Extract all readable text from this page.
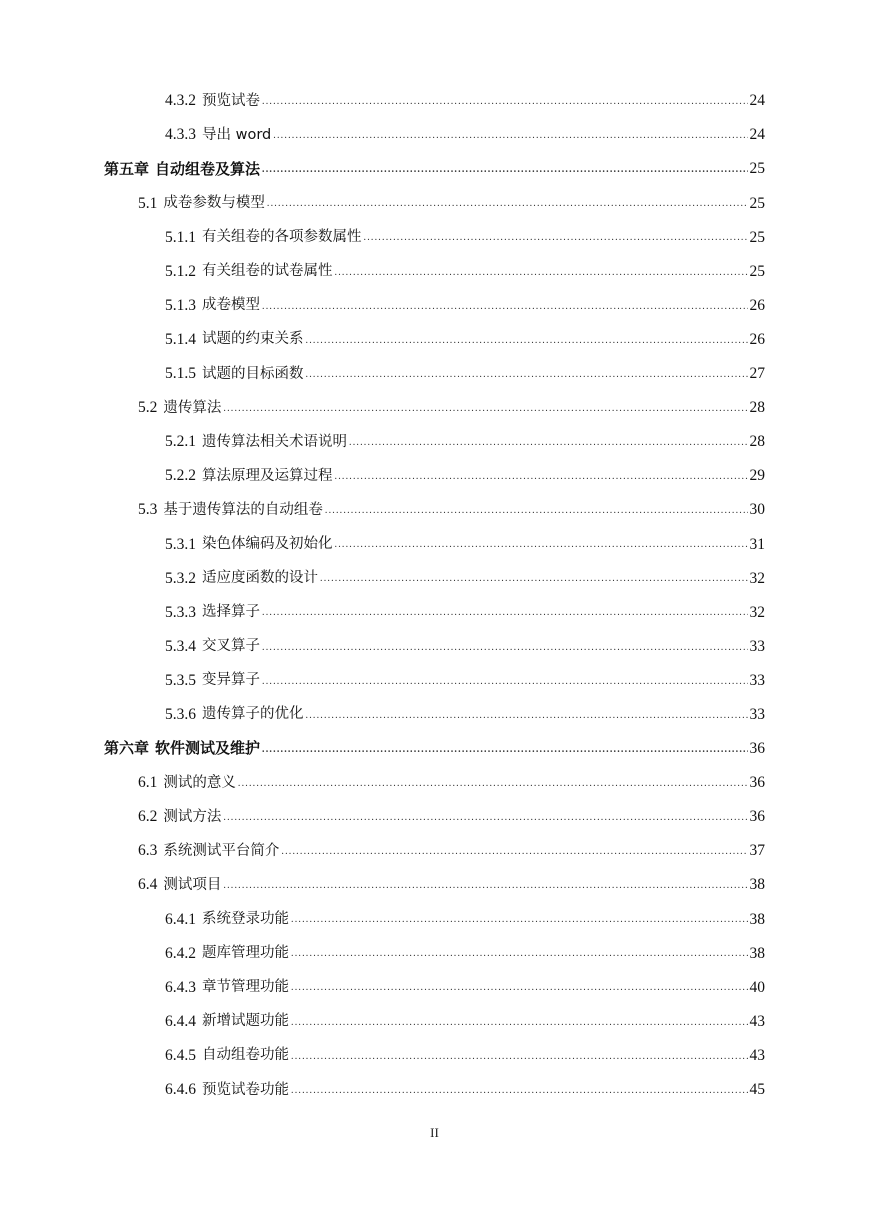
4.3.2 预览试卷 .....	24
4.3.3 导出 word .....	24
第五章 自动组卷及算法 .....	25
5.1 成卷参数与模型 .....	25
5.1.1 有关组卷的各项参数属性 .....	25
5.1.2 有关组卷的试卷属性 .....	25
5.1.3 成卷模型 .....	26
5.1.4 试题的约束关系 .....	26
5.1.5 试题的目标函数 .....	27
5.2 遗传算法 .....	28
5.2.1 遗传算法相关术语说明 .....	28
5.2.2 算法原理及运算过程 .....	29
5.3 基于遗传算法的自动组卷 .....	30
5.3.1 染色体编码及初始化 .....	31
5.3.2 适应度函数的设计 .....	32
5.3.3 选择算子 .....	32
5.3.4 交叉算子 .....	33
5.3.5 变异算子 .....	33
5.3.6 遗传算子的优化 .....	33
第六章 软件测试及维护 .....	36
6.1 测试的意义 .....	36
6.2 测试方法 .....	36
6.3 系统测试平台简介 .....	37
6.4 测试项目 .....	38
6.4.1 系统登录功能 .....	38
6.4.2 题库管理功能 .....	38
6.4.3 章节管理功能 .....	40
6.4.4 新增试题功能 .....	43
6.4.5 自动组卷功能 .....	43
6.4.6 预览试卷功能 .....	45
II
